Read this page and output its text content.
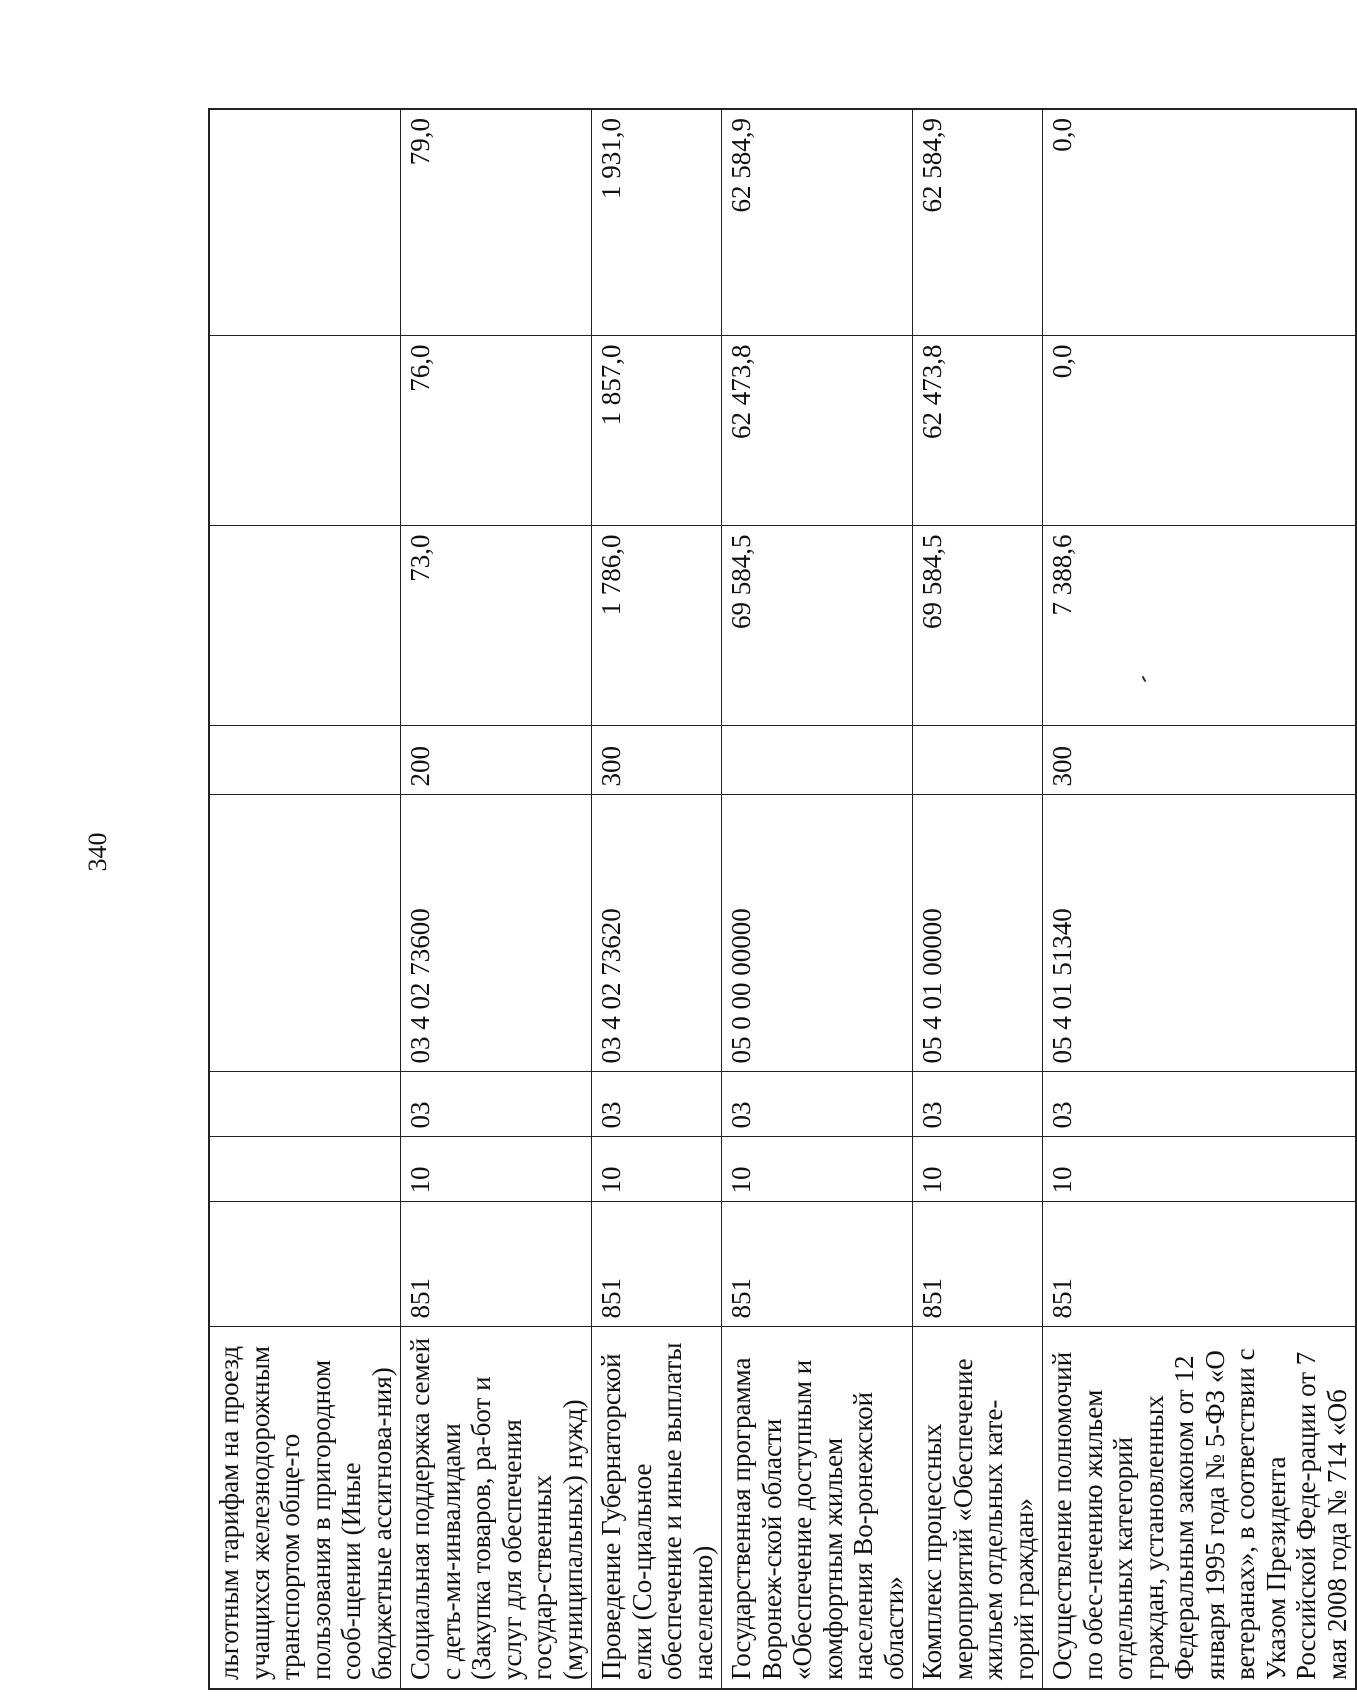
340
льготным тарифам на проезд учащихся железнодорожным транспортом обще-го пользования в пригородном сооб-щении (Иные бюджетные ассигнова-ния)								
Социальная поддержка семей с деть-ми-инвалидами (Закупка товаров, ра-бот и услуг для обеспечения государ-ственных (муниципальных) нужд)	851	10	03	03 4 02 73600	200	73,0	76,0	79,0
Проведение Губернаторской елки (Со-циальное обеспечение и иные выплаты населению)	851	10	03	03 4 02 73620	300	1 786,0	1 857,0	1 931,0
Государственная программа Воронеж-ской области «Обеспечение доступным и комфортным жильем населения Во-ронежской области»	851	10	03	05 0 00 00000		69 584,5	62 473,8	62 584,9
Комплекс процессных мероприятий «Обеспечение жильем отдельных кате-горий граждан»	851	10	03	05 4 01 00000		69 584,5	62 473,8	62 584,9
Осуществление полномочий по обес-печению жильем отдельных категорий граждан, установленных Федеральным законом от 12 января 1995 года № 5-ФЗ «О ветеранах», в соответствии с Указом Президента Российской Феде-рации от 7 мая 2008 года № 714 «Об	851	10	03	05 4 01 51340	300	7 388,6	0,0	0,0
